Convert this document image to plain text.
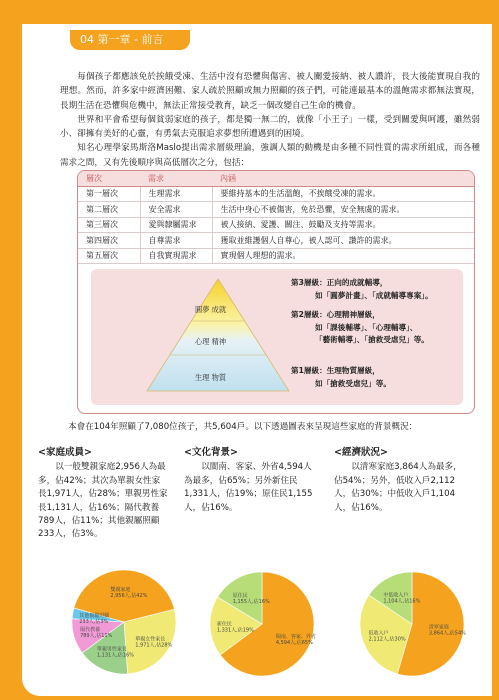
04 第一章 - 前言

每個孩子都應該免於挨餓受凍、生活中沒有恐懼與傷害、被人關愛接納、被人讚許，長大後能實現自我的理想。然而，許多家中經濟困難、家人疏於照顧或無力照顧的孩子們，可能連最基本的溫飽需求都無法實現，長期生活在恐懼與危機中，無法正常接受教育，缺乏一個改變自己生命的機會。

世界和平會希望每個貧弱家庭的孩子，都是獨一無二的，就像「小王子」一樣，受到關愛與呵護，雖然弱小、卻擁有美好的心靈，有勇氣去克服追求夢想所遭遇到的困境。

知名心理學家馬斯洛Maslo提出需求層級理論，強調人類的動機是由多種不同性質的需求所組成，而各種需求之間，又有先後順序與高低層次之分，包括：

層次	需求	內涵
第一層次	生理需求	要維持基本的生活溫飽，不挨餓受凍的需求。
第二層次	安全需求	生活中身心不被傷害，免於恐懼，安全無虞的需求。
第三層次	愛與隸屬需求	被人接納、愛護、關注、鼓勵及支持等需求。
第四層次	自尊需求	獲取並維護個人自尊心，被人認可、讚許的需求。
第五層次	自我實現需求	實現個人理想的需求。
圓夢 成就
心理 精神
生理 物質
第3層級：正向的成就輔導，
如「圓夢計畫」、「成就輔導專案」。
第2層級：心理精神層級，
如「課後輔導」、「心理輔導」、
「藝術輔導」、「搶救受虐兒」等。
第1層級：生理物質層級，
如「搶救受虐兒」等。
本會在104年照顧了7,080位孩子，共5,604戶。以下透過圖表來呈現這些家庭的背景概況：
<家庭成員>

以一般雙親家庭2,956人為最多，佔42%；其次為單親女性家長1,971人，佔28%；單親男性家長1,131人，佔16%；隔代教養789人，佔11%；其他親屬照顧233人，佔3%。

<文化背景>

以閩南、客家、外省4,594人為最多，佔65%；另外新住民1,331人，佔19%；原住民1,155人，佔16%。

<經濟狀況>

以清寒家庭3,864人為最多，佔54%；另外，低收入戶2,112人，佔30%；中低收入戶1,104人，佔16%。

雙親家庭 2,956人,佔42%
單親女性家長 1,971人,佔28%
單親男性家長 1,131人,佔16%
隔代教養 789人,佔11%
其他親屬照顧 233人,佔3%
閩南、客家、外省 4,594人,佔65%
新住民 1,331人,佔19%
原住民 1,155人,佔16%
清寒家庭 3,864人,佔54%
低收入戶 2,112人,佔30%
中低收入戶 1,104人,佔16%
